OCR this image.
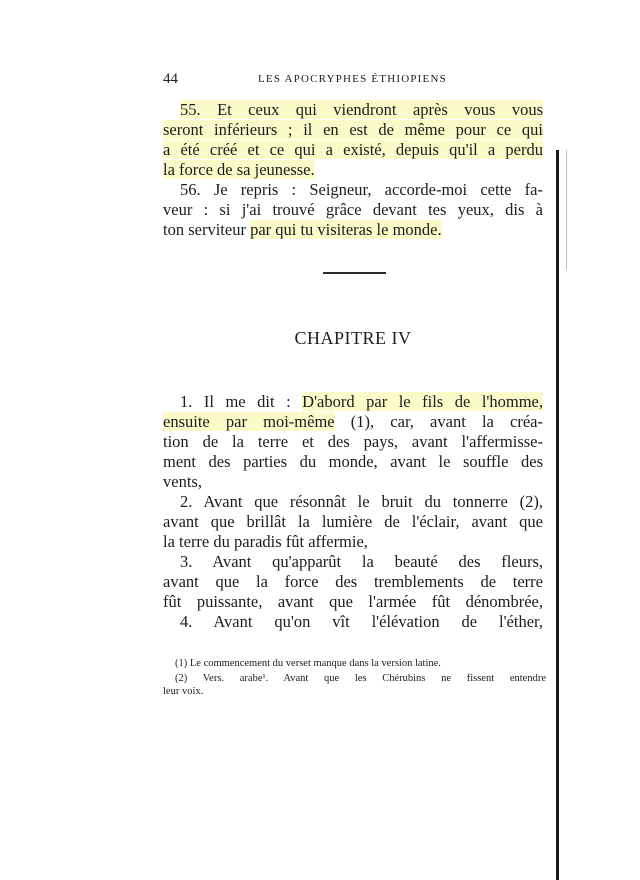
44	LES APOCRYPHES ÉTHIOPIENS
55. Et ceux qui viendront après vous vous
seront inférieurs ; il en est de même pour ce qui
a été créé et ce qui a existé, depuis qu'il a perdu
la force de sa jeunesse.
56. Je repris : Seigneur, accorde-moi cette fa-
veur : si j'ai trouvé grâce devant tes yeux, dis à
ton serviteur par qui tu visiteras le monde.
CHAPITRE IV
1. Il me dit : D'abord par le fils de l'homme,
ensuite par moi-même (1), car, avant la créa-
tion de la terre et des pays, avant l'affermisse-
ment des parties du monde, avant le souffle des
vents,
2. Avant que résonnât le bruit du tonnerre (2),
avant que brillât la lumière de l'éclair, avant que
la terre du paradis fût affermie,
3. Avant qu'apparût la beauté des fleurs,
avant que la force des tremblements de terre
fût puissante, avant que l'armée fût dénombrée,
4. Avant qu'on vît l'élévation de l'éther,
(1) Le commencement du verset manque dans la version latine.
(2) Vers. arabe¹. Avant que les Chérubins ne fissent entendre
leur voix.
